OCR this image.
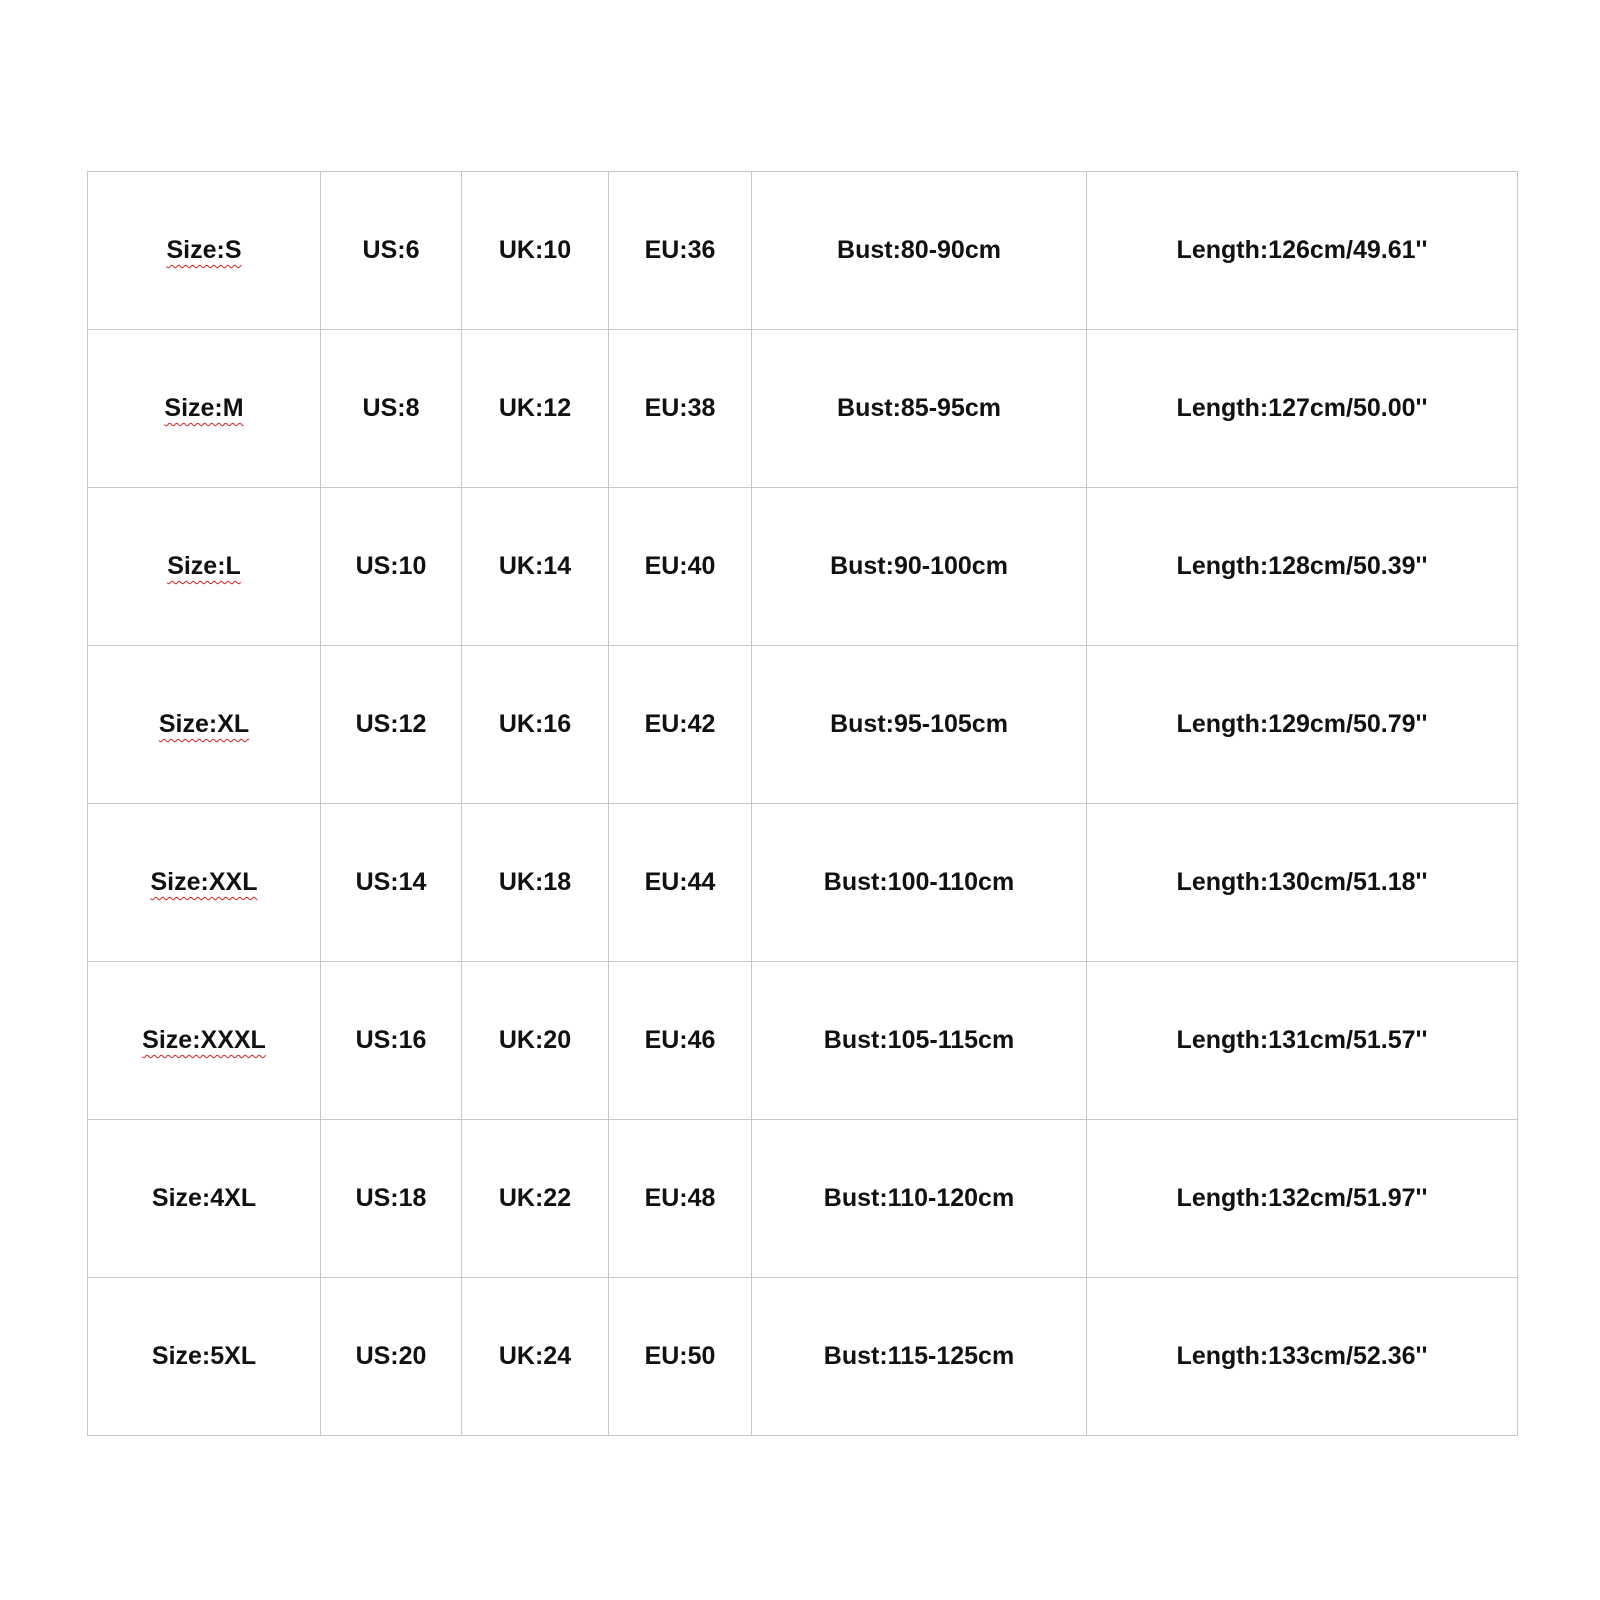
Size:S	US:6	UK:10	EU:36	Bust:80-90cm	Length:126cm/49.61''
Size:M	US:8	UK:12	EU:38	Bust:85-95cm	Length:127cm/50.00''
Size:L	US:10	UK:14	EU:40	Bust:90-100cm	Length:128cm/50.39''
Size:XL	US:12	UK:16	EU:42	Bust:95-105cm	Length:129cm/50.79''
Size:XXL	US:14	UK:18	EU:44	Bust:100-110cm	Length:130cm/51.18''
Size:XXXL	US:16	UK:20	EU:46	Bust:105-115cm	Length:131cm/51.57''
Size:4XL	US:18	UK:22	EU:48	Bust:110-120cm	Length:132cm/51.97''
Size:5XL	US:20	UK:24	EU:50	Bust:115-125cm	Length:133cm/52.36''
